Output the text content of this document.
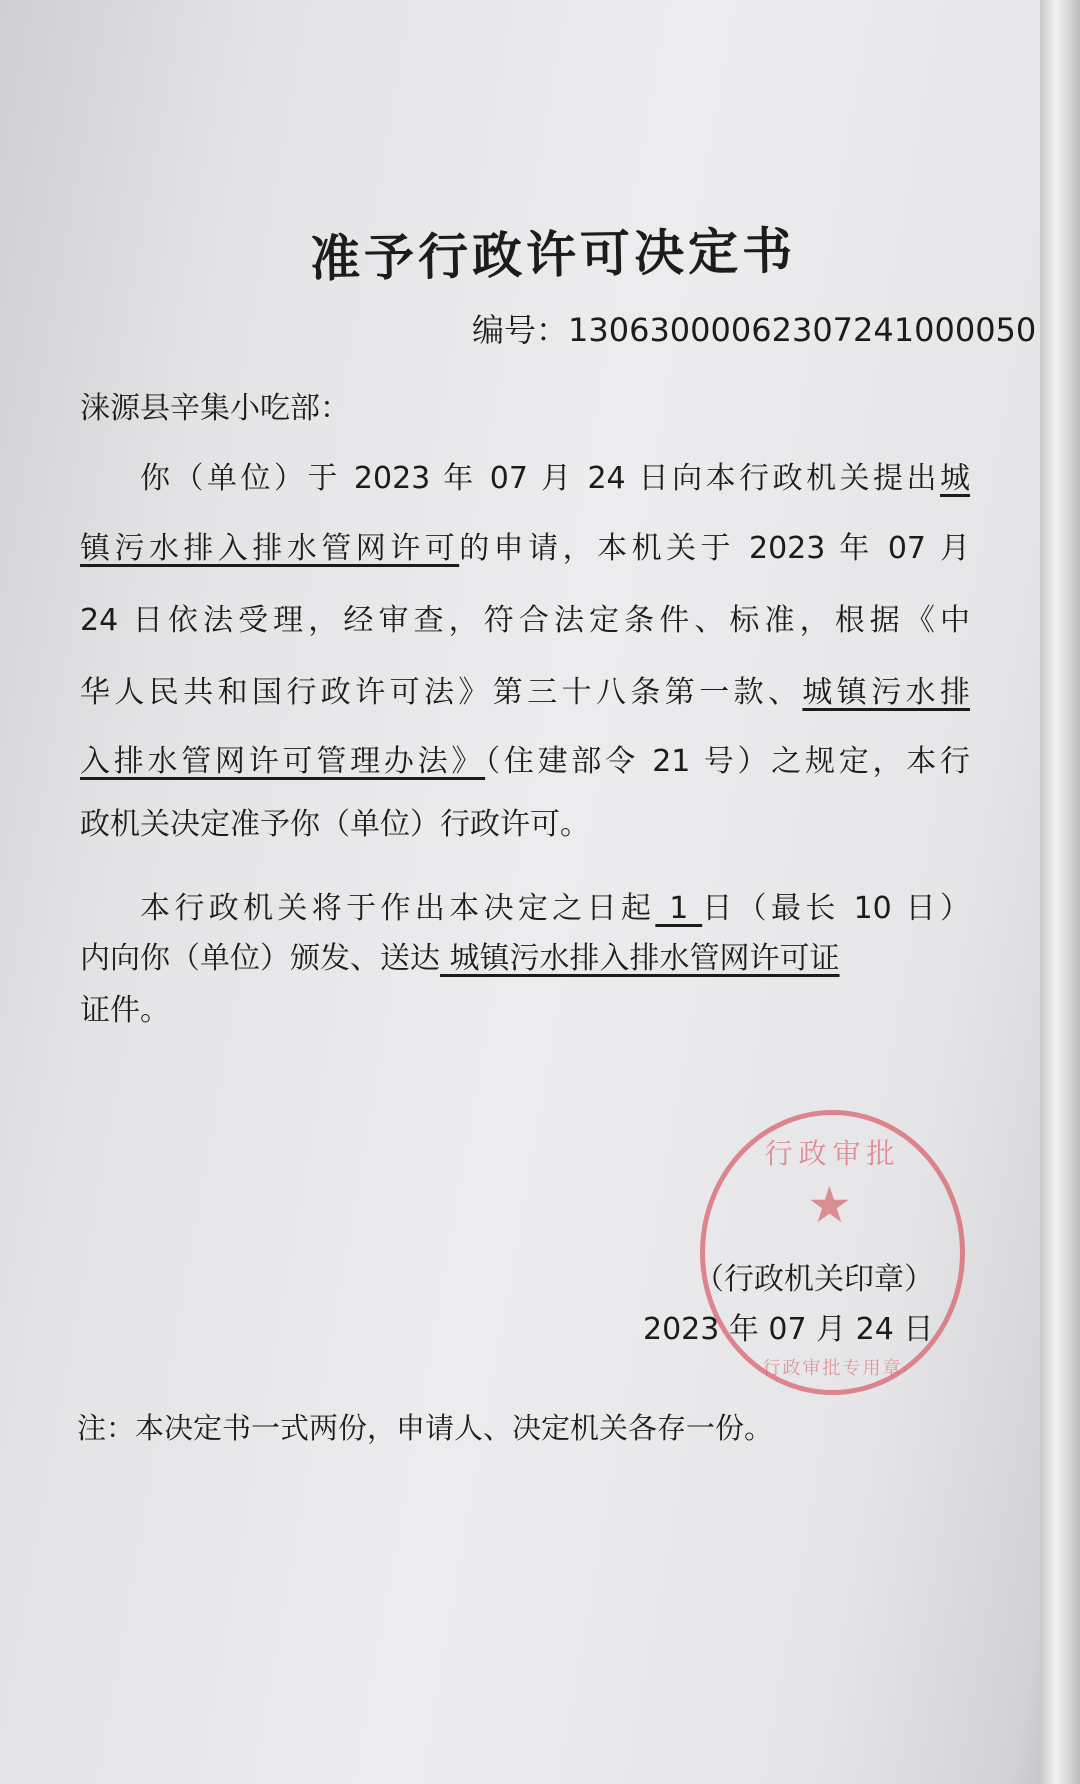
准予行政许可决定书
编号：13063000062307241000050
涞源县辛集小吃部：
你（单位）于 2023 年 07 月 24 日向本行政机关提出城
镇污水排入排水管网许可的申请，本机关于 2023 年 07 月
24 日依法受理，经审查，符合法定条件、标准，根据《中
华人民共和国行政许可法》第三十八条第一款、城镇污水排
入排水管网许可管理办法》（住建部令 21 号）之规定，本行
政机关决定准予你（单位）行政许可。
本行政机关将于作出本决定之日起 1 日（最长 10 日）
内向你（单位）颁发、送达 城镇污水排入排水管网许可证
证件。
行政审批
★
行政审批专用章
（行政机关印章）
2023 年 07 月 24 日
注：本决定书一式两份，申请人、决定机关各存一份。
